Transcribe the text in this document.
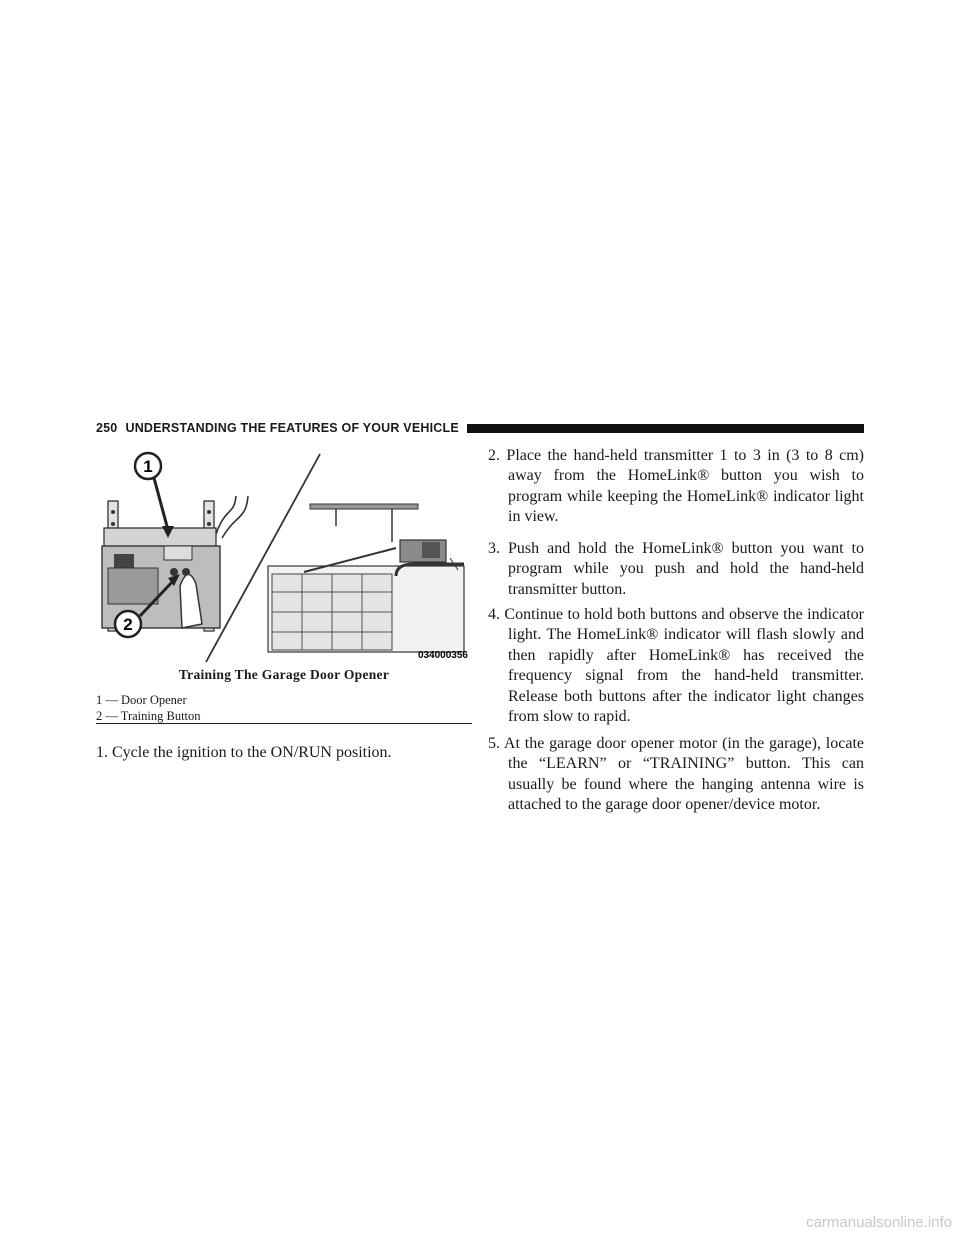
250 UNDERSTANDING THE FEATURES OF YOUR VEHICLE
1
2
034000356
Training The Garage Door Opener
1 — Door Opener
2 — Training Button
1. Cycle the ignition to the ON/RUN position.
2. Place the hand-held transmitter 1 to 3 in (3 to 8 cm) away from the HomeLink® button you wish to program while keeping the HomeLink® indicator light in view.
3. Push and hold the HomeLink® button you want to program while you push and hold the hand-held transmitter button.
4. Continue to hold both buttons and observe the indicator light. The HomeLink® indicator will flash slowly and then rapidly after HomeLink® has received the frequency signal from the hand-held transmitter. Release both buttons after the indicator light changes from slow to rapid.
5. At the garage door opener motor (in the garage), locate the “LEARN” or “TRAINING” button. This can usually be found where the hanging antenna wire is attached to the garage door opener/device motor.
carmanualsonline.info
